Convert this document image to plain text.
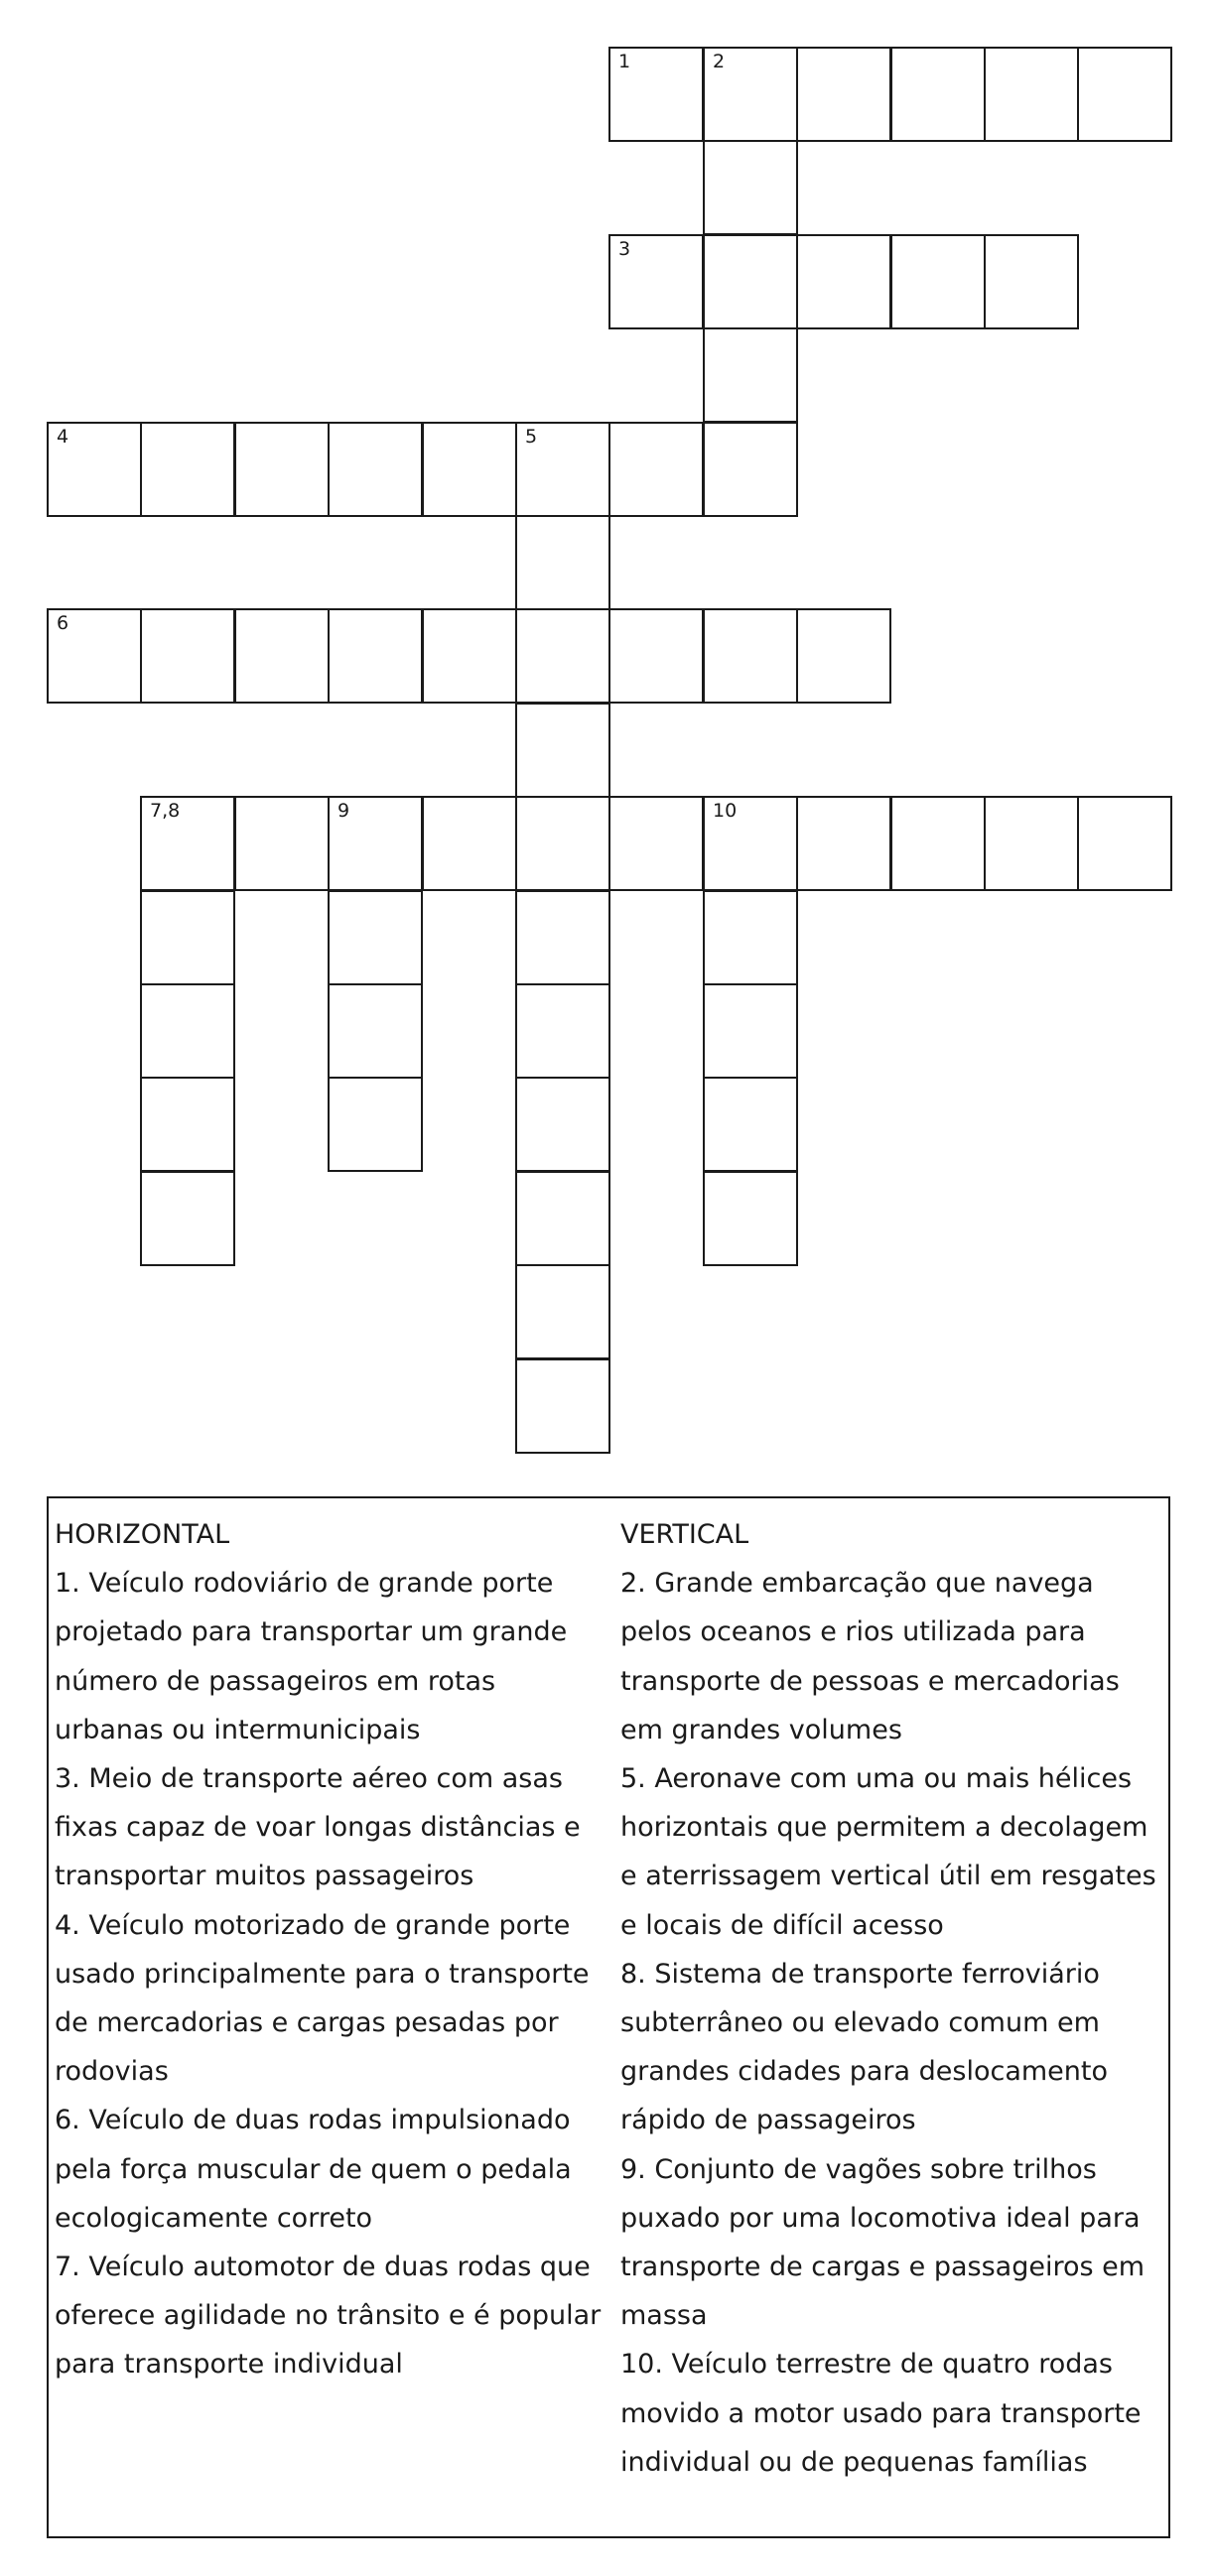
1	2
3
4	5
6
7,8	9	10

HORIZONTAL

1. Veículo rodoviário de grande porte projetado para transportar um grande número de passageiros em rotas urbanas ou intermunicipais

3. Meio de transporte aéreo com asas fixas capaz de voar longas distâncias e transportar muitos passageiros

4. Veículo motorizado de grande porte usado principalmente para o transporte de mercadorias e cargas pesadas por rodovias

6. Veículo de duas rodas impulsionado pela força muscular de quem o pedala ecologicamente correto

7. Veículo automotor de duas rodas que oferece agilidade no trânsito e é popular para transporte individual

VERTICAL

2. Grande embarcação que navega pelos oceanos e rios utilizada para transporte de pessoas e mercadorias em grandes volumes

5. Aeronave com uma ou mais hélices horizontais que permitem a decolagem e aterrissagem vertical útil em resgates e locais de difícil acesso

8. Sistema de transporte ferroviário subterrâneo ou elevado comum em grandes cidades para deslocamento rápido de passageiros

9. Conjunto de vagões sobre trilhos puxado por uma locomotiva ideal para transporte de cargas e passageiros em massa

10. Veículo terrestre de quatro rodas movido a motor usado para transporte individual ou de pequenas famílias
